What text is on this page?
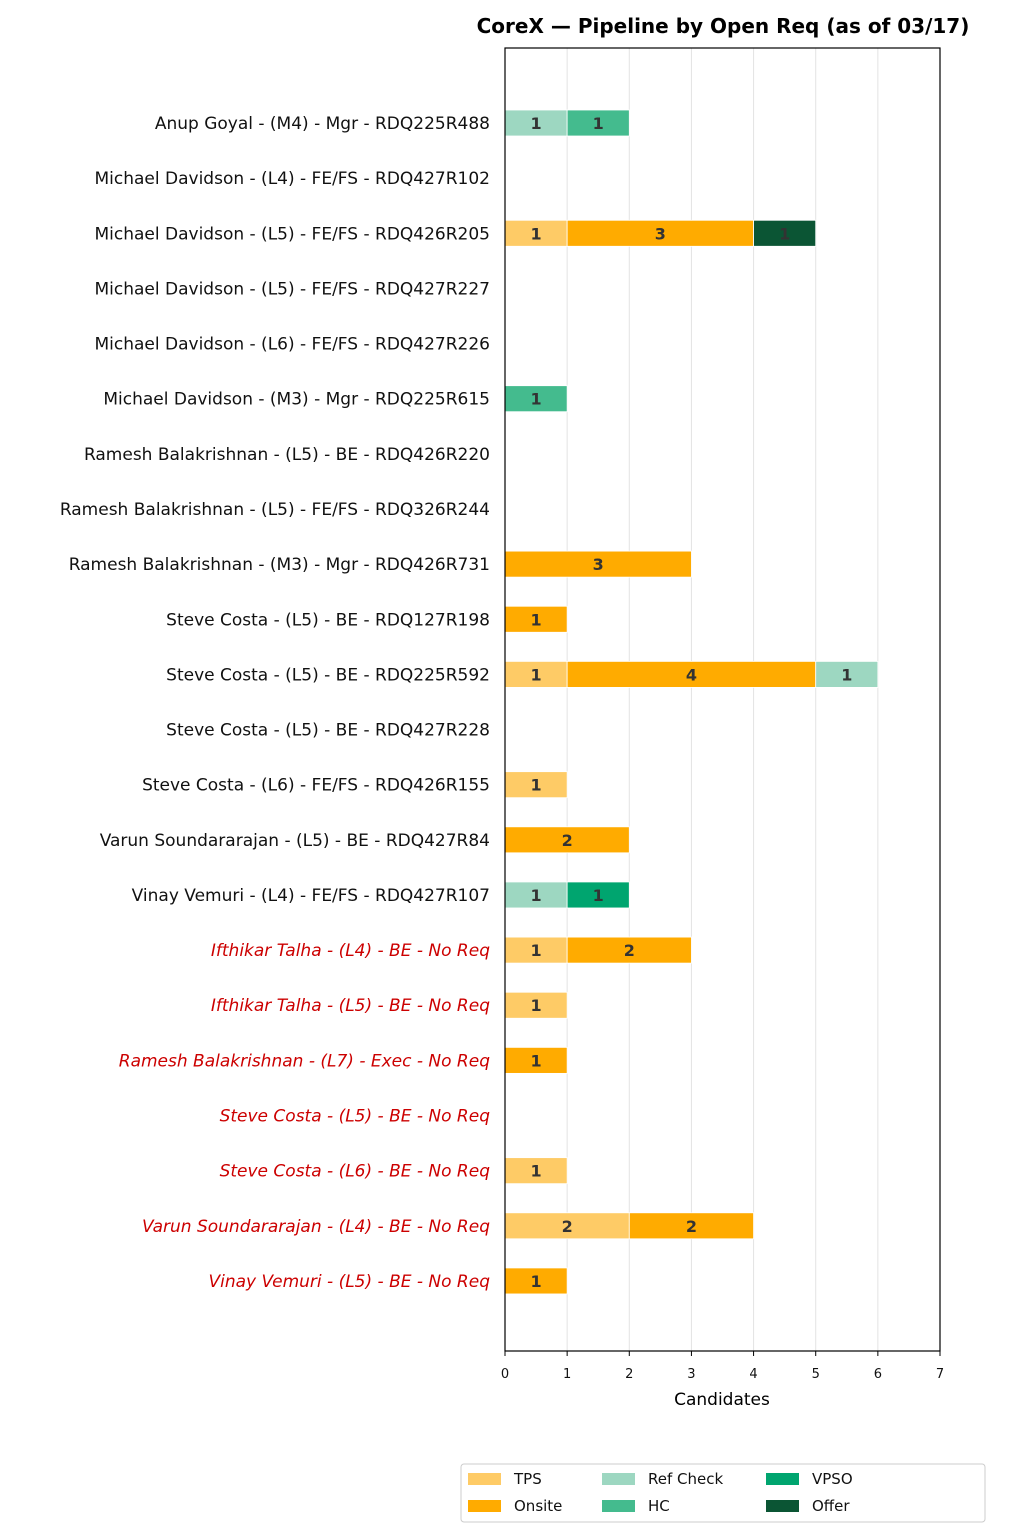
CoreX — Pipeline by Open Req (as of 03/17)
1	1
1	3	1
1
3
1
1	4	1
1
2
1	1
1	2
1
1
1
2	2
1
Anup Goyal - (M4) - Mgr - RDQ225R488
Michael Davidson - (L4) - FE/FS - RDQ427R102
Michael Davidson - (L5) - FE/FS - RDQ426R205
Michael Davidson - (L5) - FE/FS - RDQ427R227
Michael Davidson - (L6) - FE/FS - RDQ427R226
Michael Davidson - (M3) - Mgr - RDQ225R615
Ramesh Balakrishnan - (L5) - BE - RDQ426R220
Ramesh Balakrishnan - (L5) - FE/FS - RDQ326R244
Ramesh Balakrishnan - (M3) - Mgr - RDQ426R731
Steve Costa - (L5) - BE - RDQ127R198
Steve Costa - (L5) - BE - RDQ225R592
Steve Costa - (L5) - BE - RDQ427R228
Steve Costa - (L6) - FE/FS - RDQ426R155
Varun Soundararajan - (L5) - BE - RDQ427R84
Vinay Vemuri - (L4) - FE/FS - RDQ427R107
Ifthikar Talha - (L4) - BE - No Req
Ifthikar Talha - (L5) - BE - No Req
Ramesh Balakrishnan - (L7) - Exec - No Req
Steve Costa - (L5) - BE - No Req
Steve Costa - (L6) - BE - No Req
Varun Soundararajan - (L4) - BE - No Req
Vinay Vemuri - (L5) - BE - No Req
0	1	2	3	4	5	6	7
Candidates
TPS
Onsite
Ref Check
HC
VPSO
Offer
